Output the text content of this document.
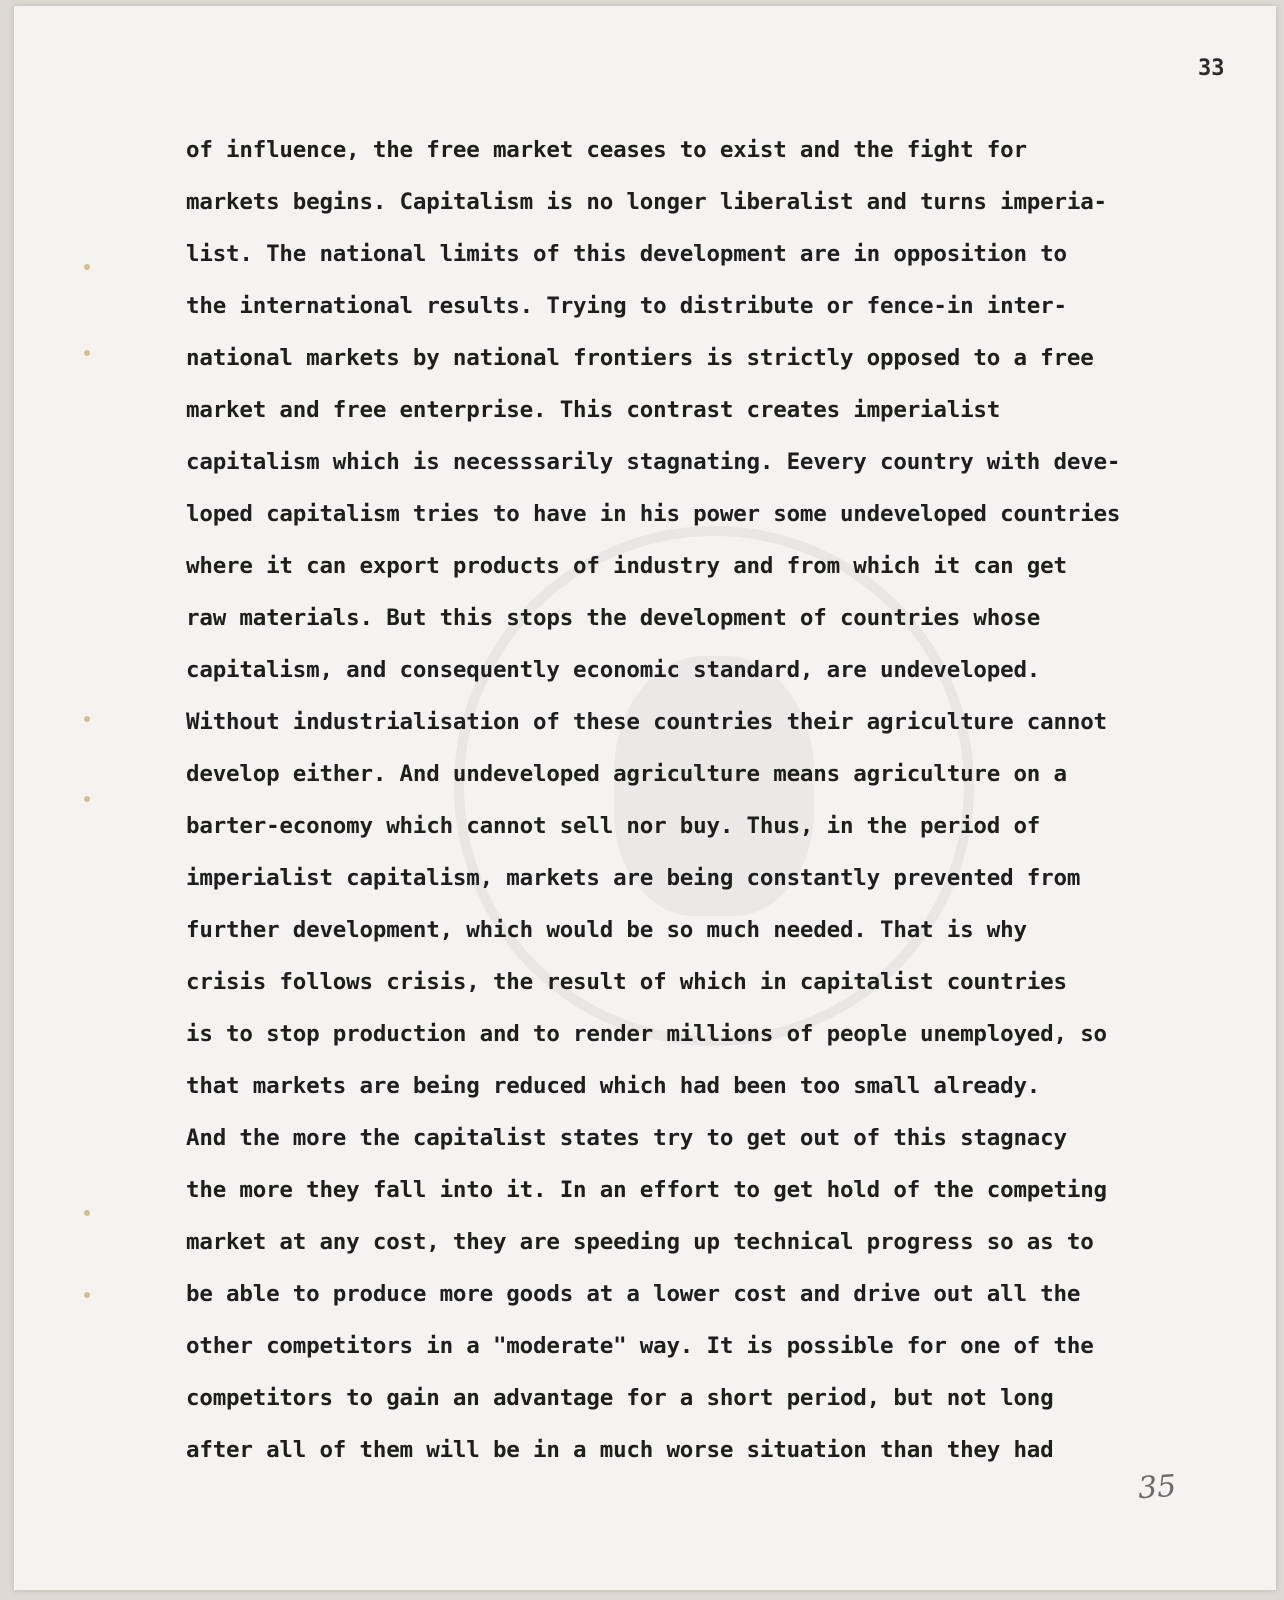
33
of influence, the free market ceases to exist and the fight for
markets begins. Capitalism is no longer liberalist and turns imperia-
list. The national limits of this development are in opposition to
the international results. Trying to distribute or fence-in inter-
national markets by national frontiers is strictly opposed to a free
market and free enterprise. This contrast creates imperialist
capitalism which is necesssarily stagnating. Eevery country with deve-
loped capitalism tries to have in his power some undeveloped countries
where it can export products of industry and from which it can get
raw materials. But this stops the development of countries whose
capitalism, and consequently economic standard, are undeveloped.
Without industrialisation of these countries their agriculture cannot
develop either. And undeveloped agriculture means agriculture on a
barter-economy which cannot sell nor buy. Thus, in the period of
imperialist capitalism, markets are being constantly prevented from
further development, which would be so much needed. That is why
crisis follows crisis, the result of which in capitalist countries
is to stop production and to render millions of people unemployed, so
that markets are being reduced which had been too small already.
And the more the capitalist states try to get out of this stagnacy
the more they fall into it. In an effort to get hold of the competing
market at any cost, they are speeding up technical progress so as to
be able to produce more goods at a lower cost and drive out all the
other competitors in a "moderate" way. It is possible for one of the
competitors to gain an advantage for a short period, but not long
after all of them will be in a much worse situation than they had
35
